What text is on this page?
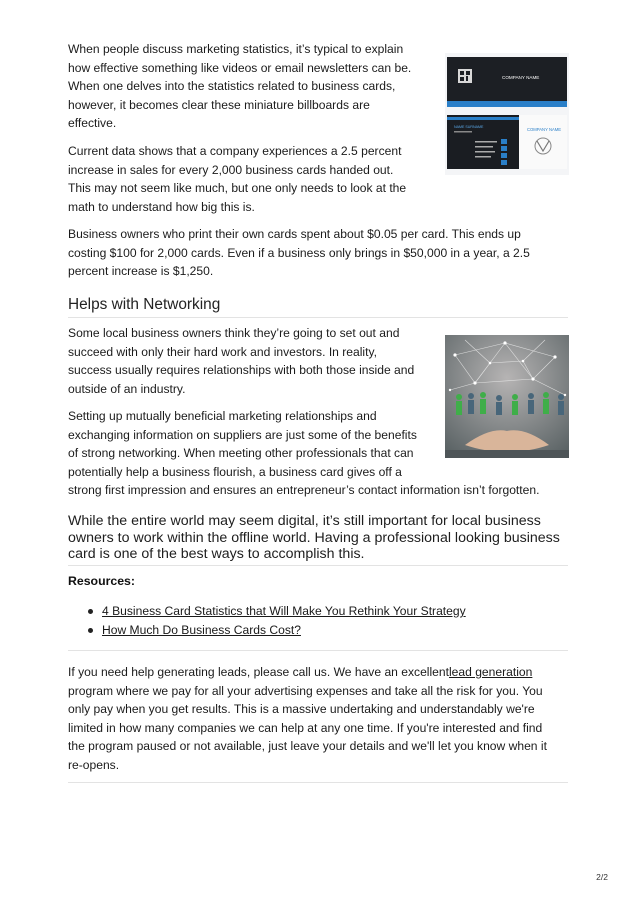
When people discuss marketing statistics, it’s typical to explain
how effective something like videos or email newsletters can be.
When one delves into the statistics related to business cards,
however, it becomes clear these miniature billboards are
effective.
Current data shows that a company experiences a 2.5 percent
increase in sales for every 2,000 business cards handed out.
This may not seem like much, but one only needs to look at the
math to understand how big this is.
COMPANY NAME
NAME SURNAME	COMPANY NAME
Business owners who print their own cards spent about $0.05 per card. This ends up
costing $100 for 2,000 cards. Even if a business only brings in $50,000 in a year, a 2.5
percent increase is $1,250.
Helps with Networking
Some local business owners think they’re going to set out and
succeed with only their hard work and investors. In reality,
success usually requires relationships with both those inside and
outside of an industry.
Setting up mutually beneficial marketing relationships and
exchanging information on suppliers are just some of the benefits
of strong networking. When meeting other professionals that can
potentially help a business flourish, a business card gives off a
strong first impression and ensures an entrepreneur’s contact information isn’t forgotten.
While the entire world may seem digital, it’s still important for local business
owners to work within the offline world. Having a professional looking business
card is one of the best ways to accomplish this.
Resources:
4 Business Card Statistics that Will Make You Rethink Your Strategy
How Much Do Business Cards Cost?
If you need help generating leads, please call us. We have an excellentlead generation
program where we pay for all your advertising expenses and take all the risk for you. You
only pay when you get results. This is a massive undertaking and understandably we're
limited in how many companies we can help at any one time. If you're interested and find
the program paused or not available, just leave your details and we'll let you know when it
re-opens.
2/2
